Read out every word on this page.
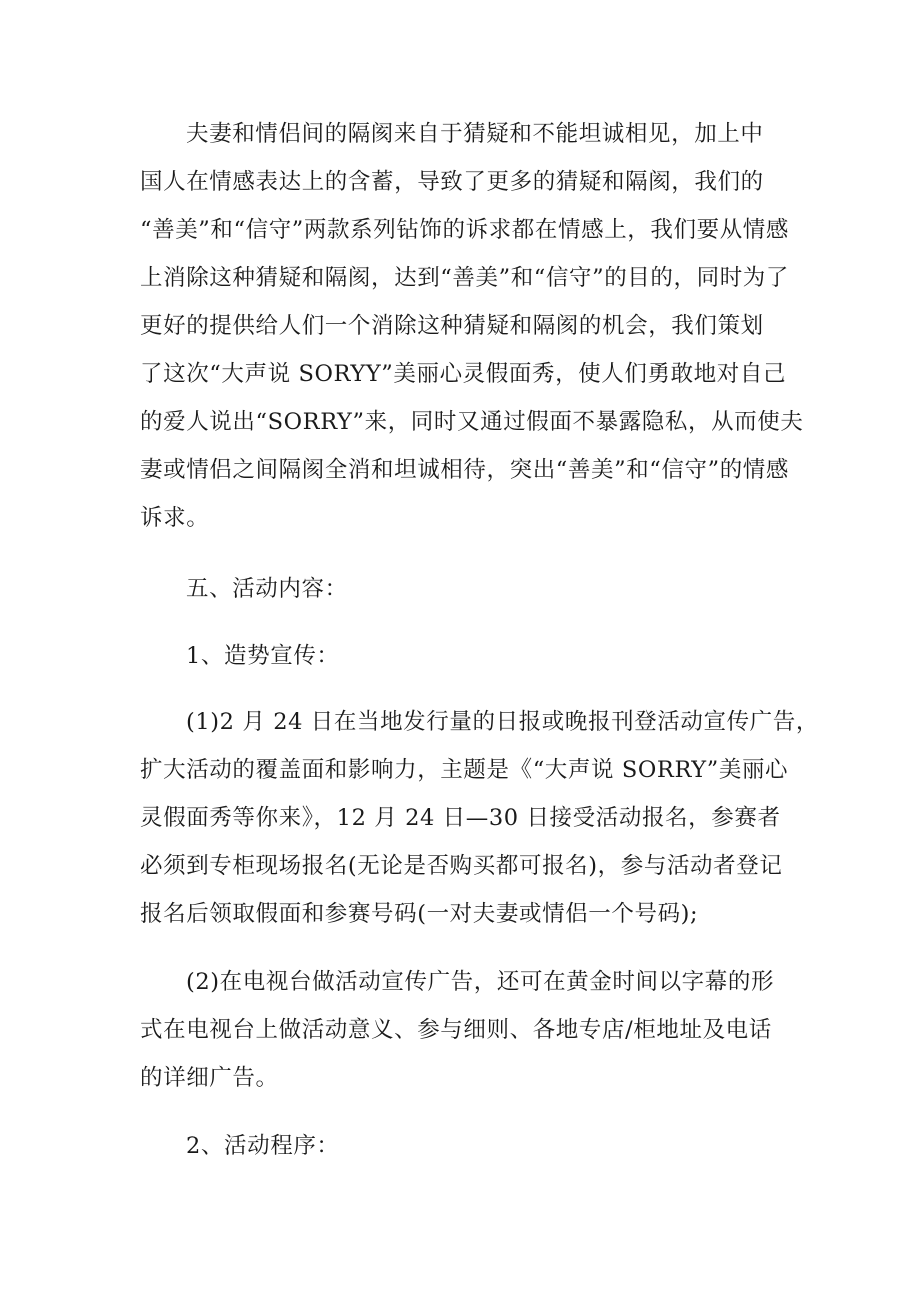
夫妻和情侣间的隔阂来自于猜疑和不能坦诚相见，加上中
国人在情感表达上的含蓄，导致了更多的猜疑和隔阂，我们的
“善美”和“信守”两款系列钻饰的诉求都在情感上，我们要从情感
上消除这种猜疑和隔阂，达到“善美”和“信守”的目的，同时为了
更好的提供给人们一个消除这种猜疑和隔阂的机会，我们策划
了这次“大声说 SORYY”美丽心灵假面秀，使人们勇敢地对自己
的爱人说出“SORRY”来，同时又通过假面不暴露隐私，从而使夫
妻或情侣之间隔阂全消和坦诚相待，突出“善美”和“信守”的情感
诉求。

五、活动内容：

1、造势宣传：

(1)2 月 24 日在当地发行量的日报或晚报刊登活动宣传广告，
扩大活动的覆盖面和影响力，主题是《“大声说 SORRY”美丽心
灵假面秀等你来》，12 月 24 日—30 日接受活动报名，参赛者
必须到专柜现场报名(无论是否购买都可报名)，参与活动者登记
报名后领取假面和参赛号码(一对夫妻或情侣一个号码);

(2)在电视台做活动宣传广告，还可在黄金时间以字幕的形
式在电视台上做活动意义、参与细则、各地专店/柜地址及电话
的详细广告。

2、活动程序：
